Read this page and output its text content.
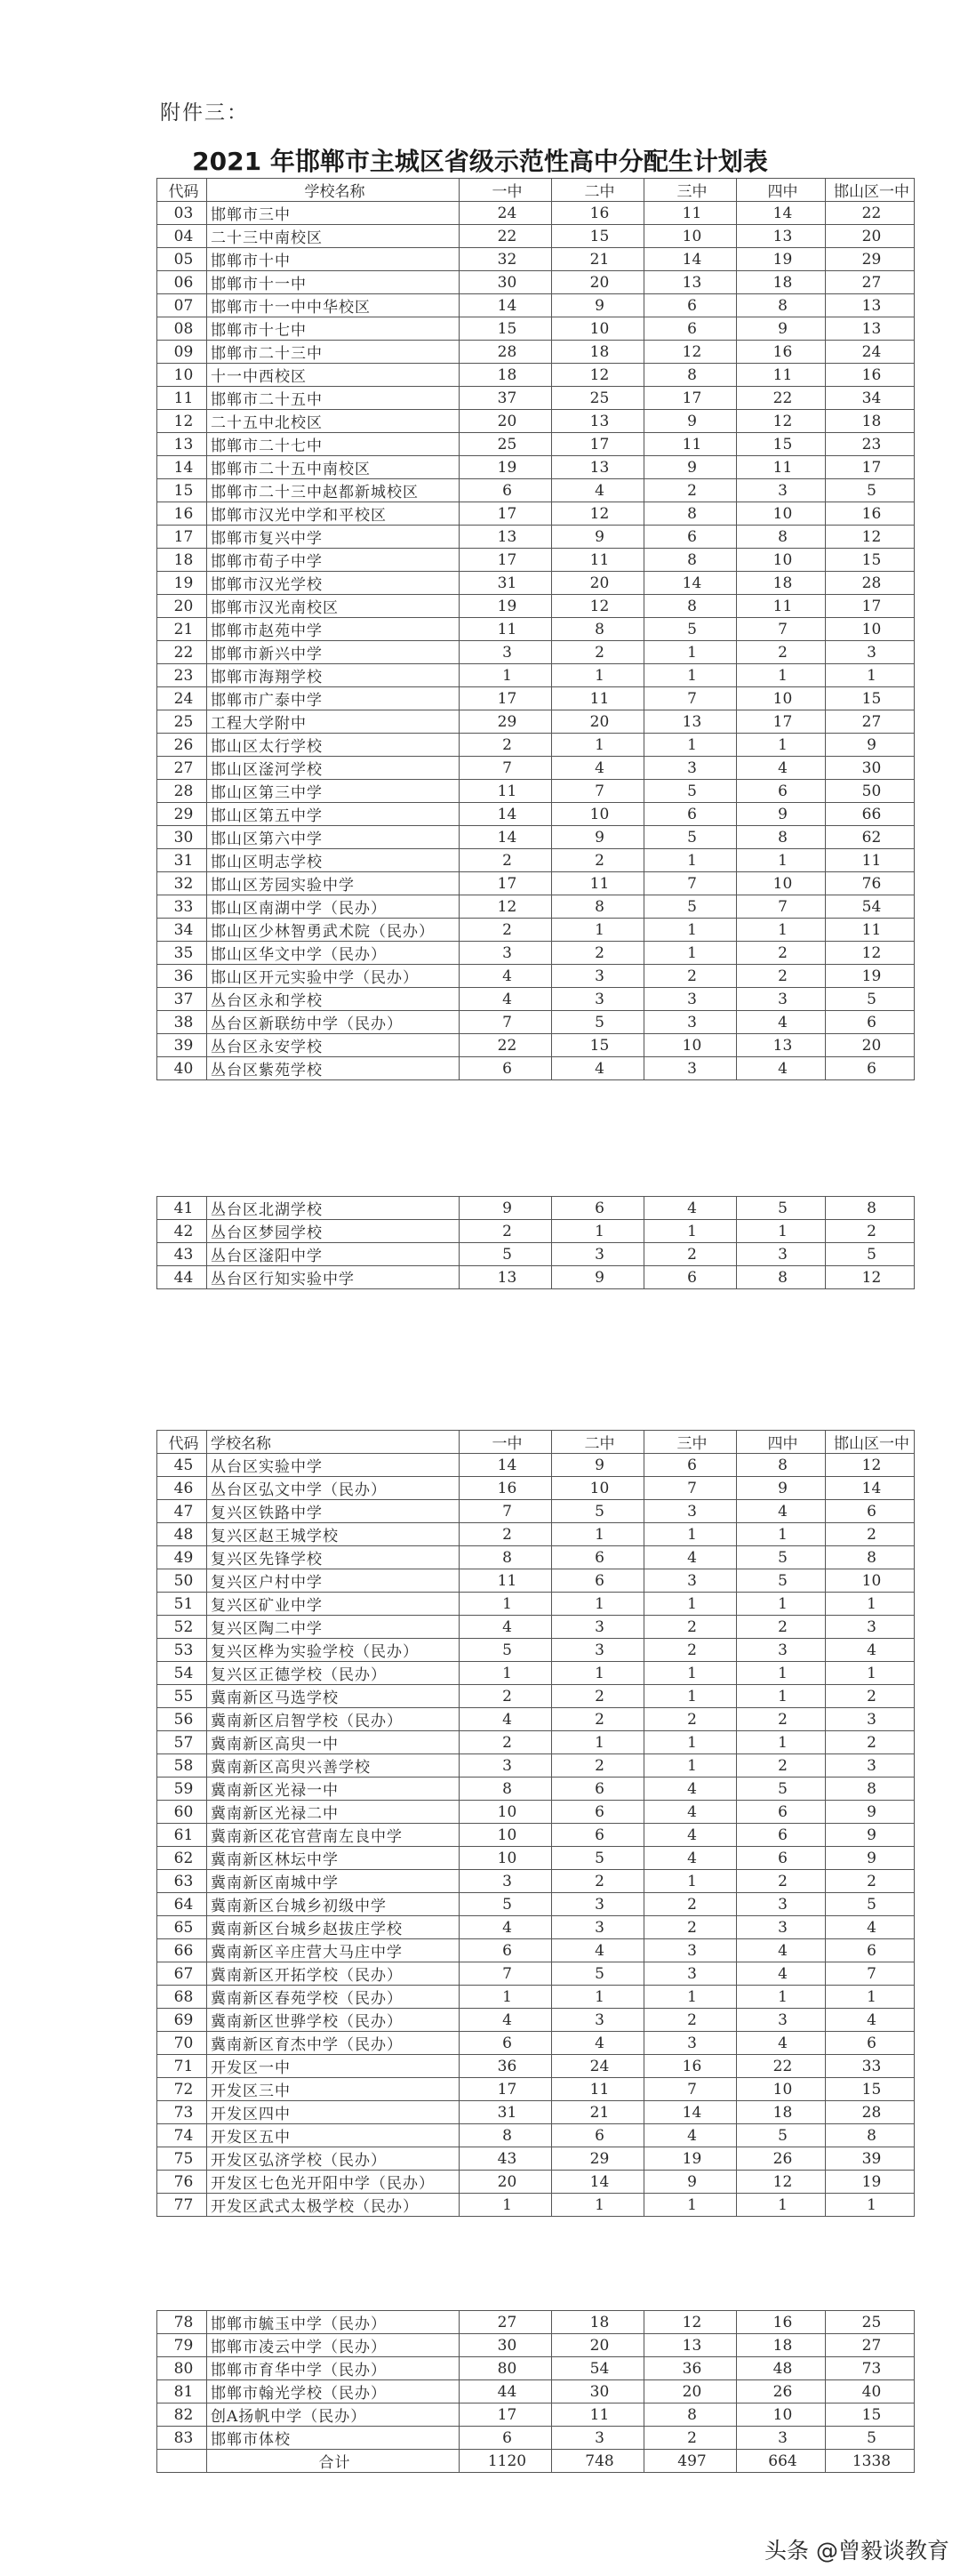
附件三：
2021 年邯郸市主城区省级示范性高中分配生计划表
代码	学校名称	一中	二中	三中	四中	邯山区一中
03	邯郸市三中	24	16	11	14	22
04	二十三中南校区	22	15	10	13	20
05	邯郸市十中	32	21	14	19	29
06	邯郸市十一中	30	20	13	18	27
07	邯郸市十一中中华校区	14	9	6	8	13
08	邯郸市十七中	15	10	6	9	13
09	邯郸市二十三中	28	18	12	16	24
10	十一中西校区	18	12	8	11	16
11	邯郸市二十五中	37	25	17	22	34
12	二十五中北校区	20	13	9	12	18
13	邯郸市二十七中	25	17	11	15	23
14	邯郸市二十五中南校区	19	13	9	11	17
15	邯郸市二十三中赵都新城校区	6	4	2	3	5
16	邯郸市汉光中学和平校区	17	12	8	10	16
17	邯郸市复兴中学	13	9	6	8	12
18	邯郸市荀子中学	17	11	8	10	15
19	邯郸市汉光学校	31	20	14	18	28
20	邯郸市汉光南校区	19	12	8	11	17
21	邯郸市赵苑中学	11	8	5	7	10
22	邯郸市新兴中学	3	2	1	2	3
23	邯郸市海翔学校	1	1	1	1	1
24	邯郸市广泰中学	17	11	7	10	15
25	工程大学附中	29	20	13	17	27
26	邯山区太行学校	2	1	1	1	9
27	邯山区滏河学校	7	4	3	4	30
28	邯山区第三中学	11	7	5	6	50
29	邯山区第五中学	14	10	6	9	66
30	邯山区第六中学	14	9	5	8	62
31	邯山区明志学校	2	2	1	1	11
32	邯山区芳园实验中学	17	11	7	10	76
33	邯山区南湖中学（民办）	12	8	5	7	54
34	邯山区少林智勇武术院（民办）	2	1	1	1	11
35	邯山区华文中学（民办）	3	2	1	2	12
36	邯山区开元实验中学（民办）	4	3	2	2	19
37	丛台区永和学校	4	3	3	3	5
38	丛台区新联纺中学（民办）	7	5	3	4	6
39	丛台区永安学校	22	15	10	13	20
40	丛台区紫苑学校	6	4	3	4	6
41	丛台区北湖学校	9	6	4	5	8
42	丛台区梦园学校	2	1	1	1	2
43	丛台区滏阳中学	5	3	2	3	5
44	丛台区行知实验中学	13	9	6	8	12
代码	学校名称	一中	二中	三中	四中	邯山区一中
45	从台区实验中学	14	9	6	8	12
46	丛台区弘文中学（民办）	16	10	7	9	14
47	复兴区铁路中学	7	5	3	4	6
48	复兴区赵王城学校	2	1	1	1	2
49	复兴区先锋学校	8	6	4	5	8
50	复兴区户村中学	11	6	3	5	10
51	复兴区矿业中学	1	1	1	1	1
52	复兴区陶二中学	4	3	2	2	3
53	复兴区桦为实验学校（民办）	5	3	2	3	4
54	复兴区正德学校（民办）	1	1	1	1	1
55	冀南新区马选学校	2	2	1	1	2
56	冀南新区启智学校（民办）	4	2	2	2	3
57	冀南新区高臾一中	2	1	1	1	2
58	冀南新区高臾兴善学校	3	2	1	2	3
59	冀南新区光禄一中	8	6	4	5	8
60	冀南新区光禄二中	10	6	4	6	9
61	冀南新区花官营南左良中学	10	6	4	6	9
62	冀南新区林坛中学	10	5	4	6	9
63	冀南新区南城中学	3	2	1	2	2
64	冀南新区台城乡初级中学	5	3	2	3	5
65	冀南新区台城乡赵拔庄学校	4	3	2	3	4
66	冀南新区辛庄营大马庄中学	6	4	3	4	6
67	冀南新区开拓学校（民办）	7	5	3	4	7
68	冀南新区春苑学校（民办）	1	1	1	1	1
69	冀南新区世骅学校（民办）	4	3	2	3	4
70	冀南新区育杰中学（民办）	6	4	3	4	6
71	开发区一中	36	24	16	22	33
72	开发区三中	17	11	7	10	15
73	开发区四中	31	21	14	18	28
74	开发区五中	8	6	4	5	8
75	开发区弘济学校（民办）	43	29	19	26	39
76	开发区七色光开阳中学（民办）	20	14	9	12	19
77	开发区武式太极学校（民办）	1	1	1	1	1
78	邯郸市毓玉中学（民办）	27	18	12	16	25
79	邯郸市凌云中学（民办）	30	20	13	18	27
80	邯郸市育华中学（民办）	80	54	36	48	73
81	邯郸市翰光学校（民办）	44	30	20	26	40
82	创A扬帆中学（民办）	17	11	8	10	15
83	邯郸市体校	6	3	2	3	5
	合计	1120	748	497	664	1338
头条 @曾毅谈教育
